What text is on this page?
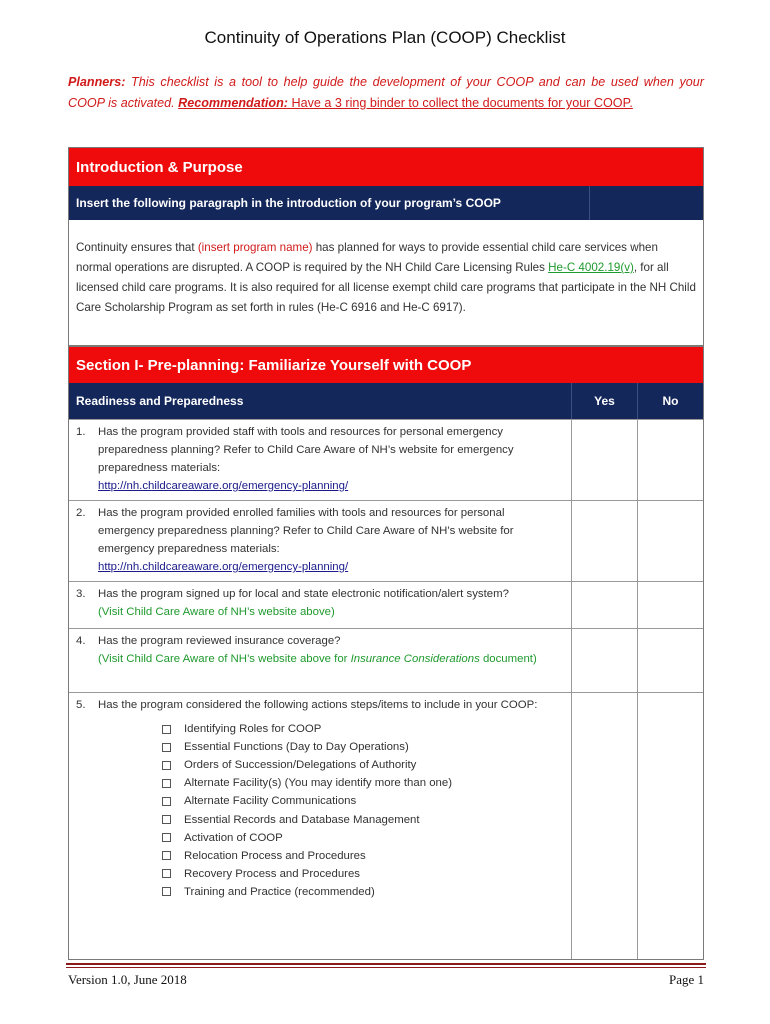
Continuity of Operations Plan (COOP) Checklist
Planners: This checklist is a tool to help guide the development of your COOP and can be used when your COOP is activated. Recommendation: Have a 3 ring binder to collect the documents for your COOP.
Introduction & Purpose
Insert the following paragraph in the introduction of your program’s COOP
Continuity ensures that (insert program name) has planned for ways to provide essential child care services when normal operations are disrupted. A COOP is required by the NH Child Care Licensing Rules He-C 4002.19(v), for all licensed child care programs. It is also required for all license exempt child care programs that participate in the NH Child Care Scholarship Program as set forth in rules (He-C 6916 and He-C 6917).
Section I- Pre-planning: Familiarize Yourself with COOP
Readiness and Preparedness	Yes	No
1.	Has the program provided staff with tools and resources for personal emergency preparedness planning? Refer to Child Care Aware of NH’s website for emergency preparedness materials:
http://nh.childcareaware.org/emergency-planning/
2.	Has the program provided enrolled families with tools and resources for personal emergency preparedness planning? Refer to Child Care Aware of NH’s website for emergency preparedness materials:
http://nh.childcareaware.org/emergency-planning/
3.	Has the program signed up for local and state electronic notification/alert system?
(Visit Child Care Aware of NH’s website above)
4.	Has the program reviewed insurance coverage?
(Visit Child Care Aware of NH’s website above for Insurance Considerations document)
5.	Has the program considered the following actions steps/items to include in your COOP:
Identifying Roles for COOP
Essential Functions (Day to Day Operations)
Orders of Succession/Delegations of Authority
Alternate Facility(s) (You may identify more than one)
Alternate Facility Communications
Essential Records and Database Management
Activation of COOP
Relocation Process and Procedures
Recovery Process and Procedures
Training and Practice (recommended)
Version 1.0, June 2018	Page 1
